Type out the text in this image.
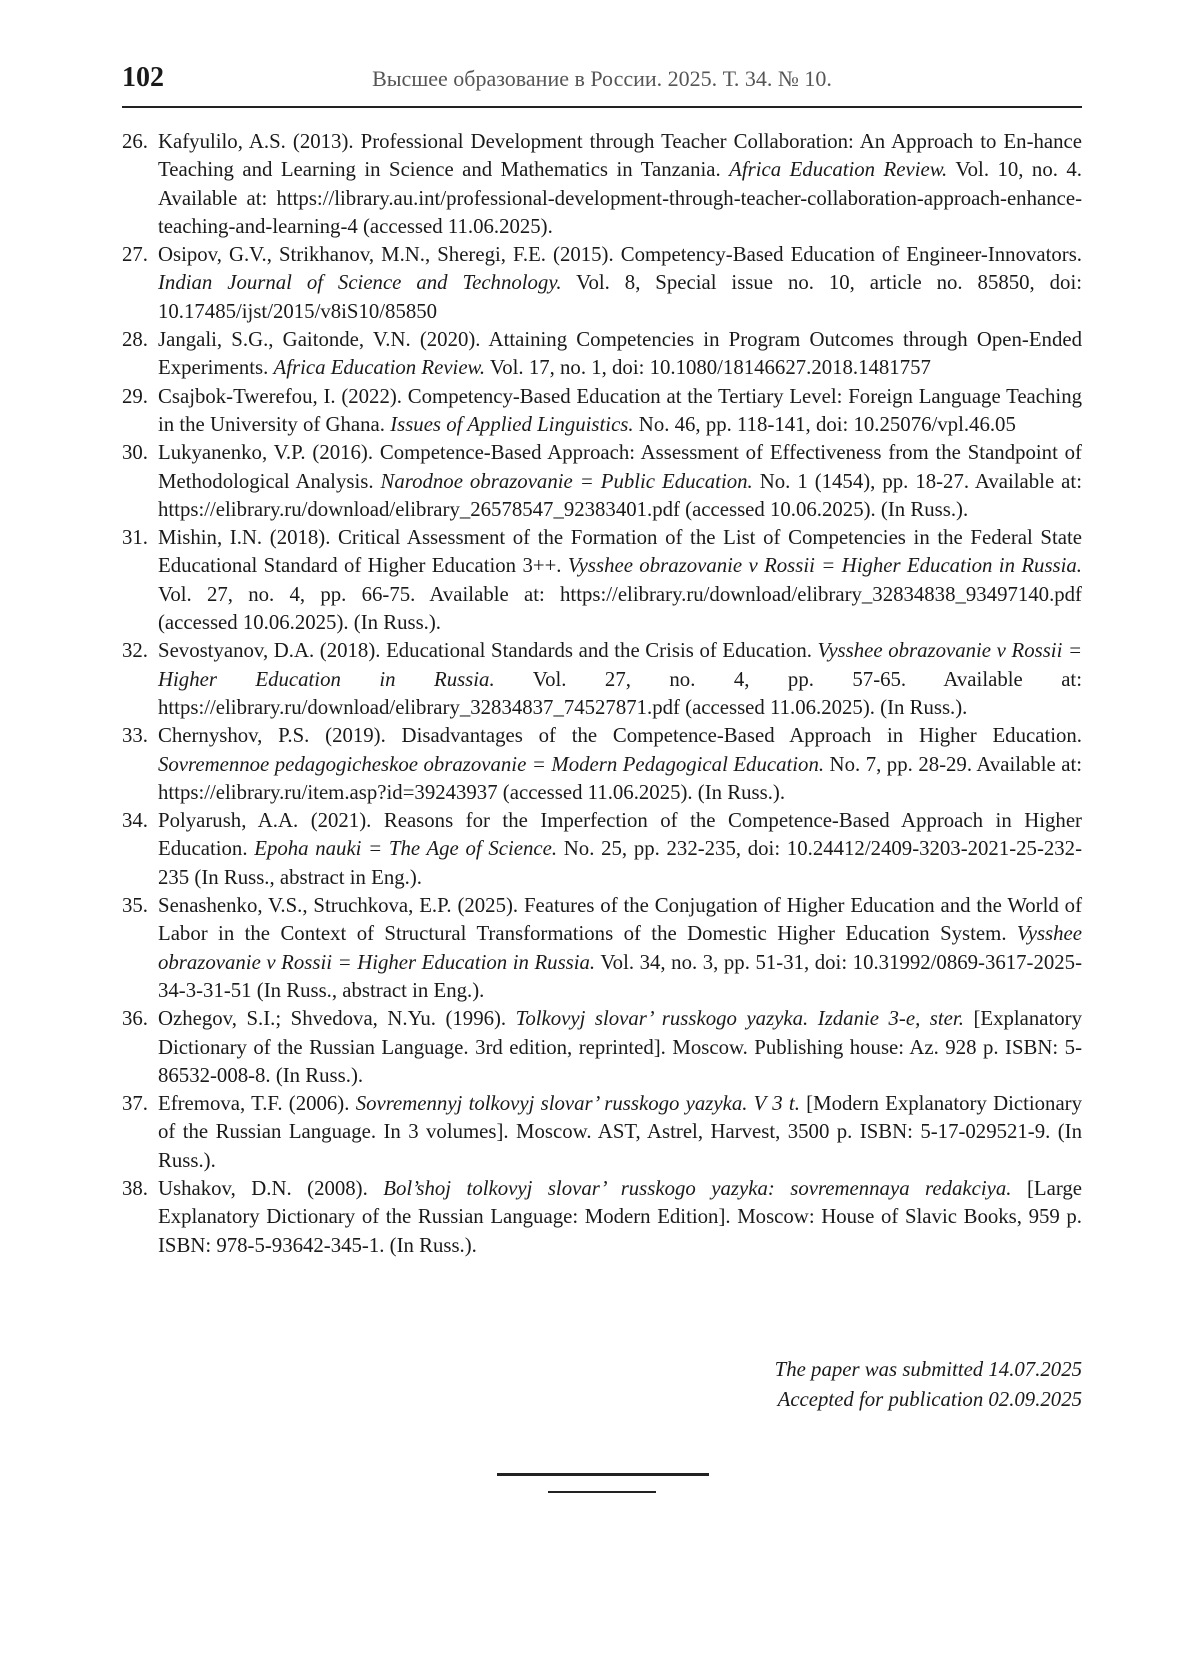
102	Высшее образование в России. 2025. Т. 34. № 10.
26. Kafyulilo, A.S. (2013). Professional Development through Teacher Collaboration: An Approach to En-hance Teaching and Learning in Science and Mathematics in Tanzania. Africa Education Review. Vol. 10, no. 4. Available at: https://library.au.int/professional-development-through-teacher-collaboration-approach-enhance-teaching-and-learning-4 (accessed 11.06.2025).
27. Osipov, G.V., Strikhanov, M.N., Sheregi, F.E. (2015). Competency-Based Education of Engineer-Innovators. Indian Journal of Science and Technology. Vol. 8, Special issue no. 10, article no. 85850, doi: 10.17485/ijst/2015/v8iS10/85850
28. Jangali, S.G., Gaitonde, V.N. (2020). Attaining Competencies in Program Outcomes through Open-Ended Experiments. Africa Education Review. Vol. 17, no. 1, doi: 10.1080/18146627.2018.1481757
29. Csajbok-Twerefou, I. (2022). Competency-Based Education at the Tertiary Level: Foreign Language Teaching in the University of Ghana. Issues of Applied Linguistics. No. 46, pp. 118-141, doi: 10.25076/vpl.46.05
30. Lukyanenko, V.P. (2016). Competence-Based Approach: Assessment of Effectiveness from the Standpoint of Methodological Analysis. Narodnoe obrazovanie = Public Education. No. 1 (1454), pp. 18-27. Available at: https://elibrary.ru/download/elibrary_26578547_92383401.pdf (accessed 10.06.2025). (In Russ.).
31. Mishin, I.N. (2018). Critical Assessment of the Formation of the List of Competencies in the Federal State Educational Standard of Higher Education 3++. Vysshee obrazovanie v Rossii = Higher Education in Russia. Vol. 27, no. 4, pp. 66-75. Available at: https://elibrary.ru/download/elibrary_32834838_93497140.pdf (accessed 10.06.2025). (In Russ.).
32. Sevostyanov, D.A. (2018). Educational Standards and the Crisis of Education. Vysshee obrazovanie v Rossii = Higher Education in Russia. Vol. 27, no. 4, pp. 57-65. Available at: https://elibrary.ru/download/elibrary_32834837_74527871.pdf (accessed 11.06.2025). (In Russ.).
33. Chernyshov, P.S. (2019). Disadvantages of the Competence-Based Approach in Higher Education. Sovremennoe pedagogicheskoe obrazovanie = Modern Pedagogical Education. No. 7, pp. 28-29. Available at: https://elibrary.ru/item.asp?id=39243937 (accessed 11.06.2025). (In Russ.).
34. Polyarush, A.A. (2021). Reasons for the Imperfection of the Competence-Based Approach in Higher Education. Epoha nauki = The Age of Science. No. 25, pp. 232-235, doi: 10.24412/2409-3203-2021-25-232-235 (In Russ., abstract in Eng.).
35. Senashenko, V.S., Struchkova, E.P. (2025). Features of the Conjugation of Higher Education and the World of Labor in the Context of Structural Transformations of the Domestic Higher Education System. Vysshee obrazovanie v Rossii = Higher Education in Russia. Vol. 34, no. 3, pp. 51-31, doi: 10.31992/0869-3617-2025-34-3-31-51 (In Russ., abstract in Eng.).
36. Ozhegov, S.I.; Shvedova, N.Yu. (1996). Tolkovyj slovar’ russkogo yazyka. Izdanie 3-e, ster. [Explanatory Dictionary of the Russian Language. 3rd edition, reprinted]. Moscow. Publishing house: Az. 928 p. ISBN: 5-86532-008-8. (In Russ.).
37. Efremova, T.F. (2006). Sovremennyj tolkovyj slovar’ russkogo yazyka. V 3 t. [Modern Explanatory Dictionary of the Russian Language. In 3 volumes]. Moscow. AST, Astrel, Harvest, 3500 p. ISBN: 5-17-029521-9. (In Russ.).
38. Ushakov, D.N. (2008). Bol’shoj tolkovyj slovar’ russkogo yazyka: sovremennaya redakciya. [Large Explanatory Dictionary of the Russian Language: Modern Edition]. Moscow: House of Slavic Books, 959 p. ISBN: 978-5-93642-345-1. (In Russ.).
The paper was submitted 14.07.2025
Accepted for publication 02.09.2025
